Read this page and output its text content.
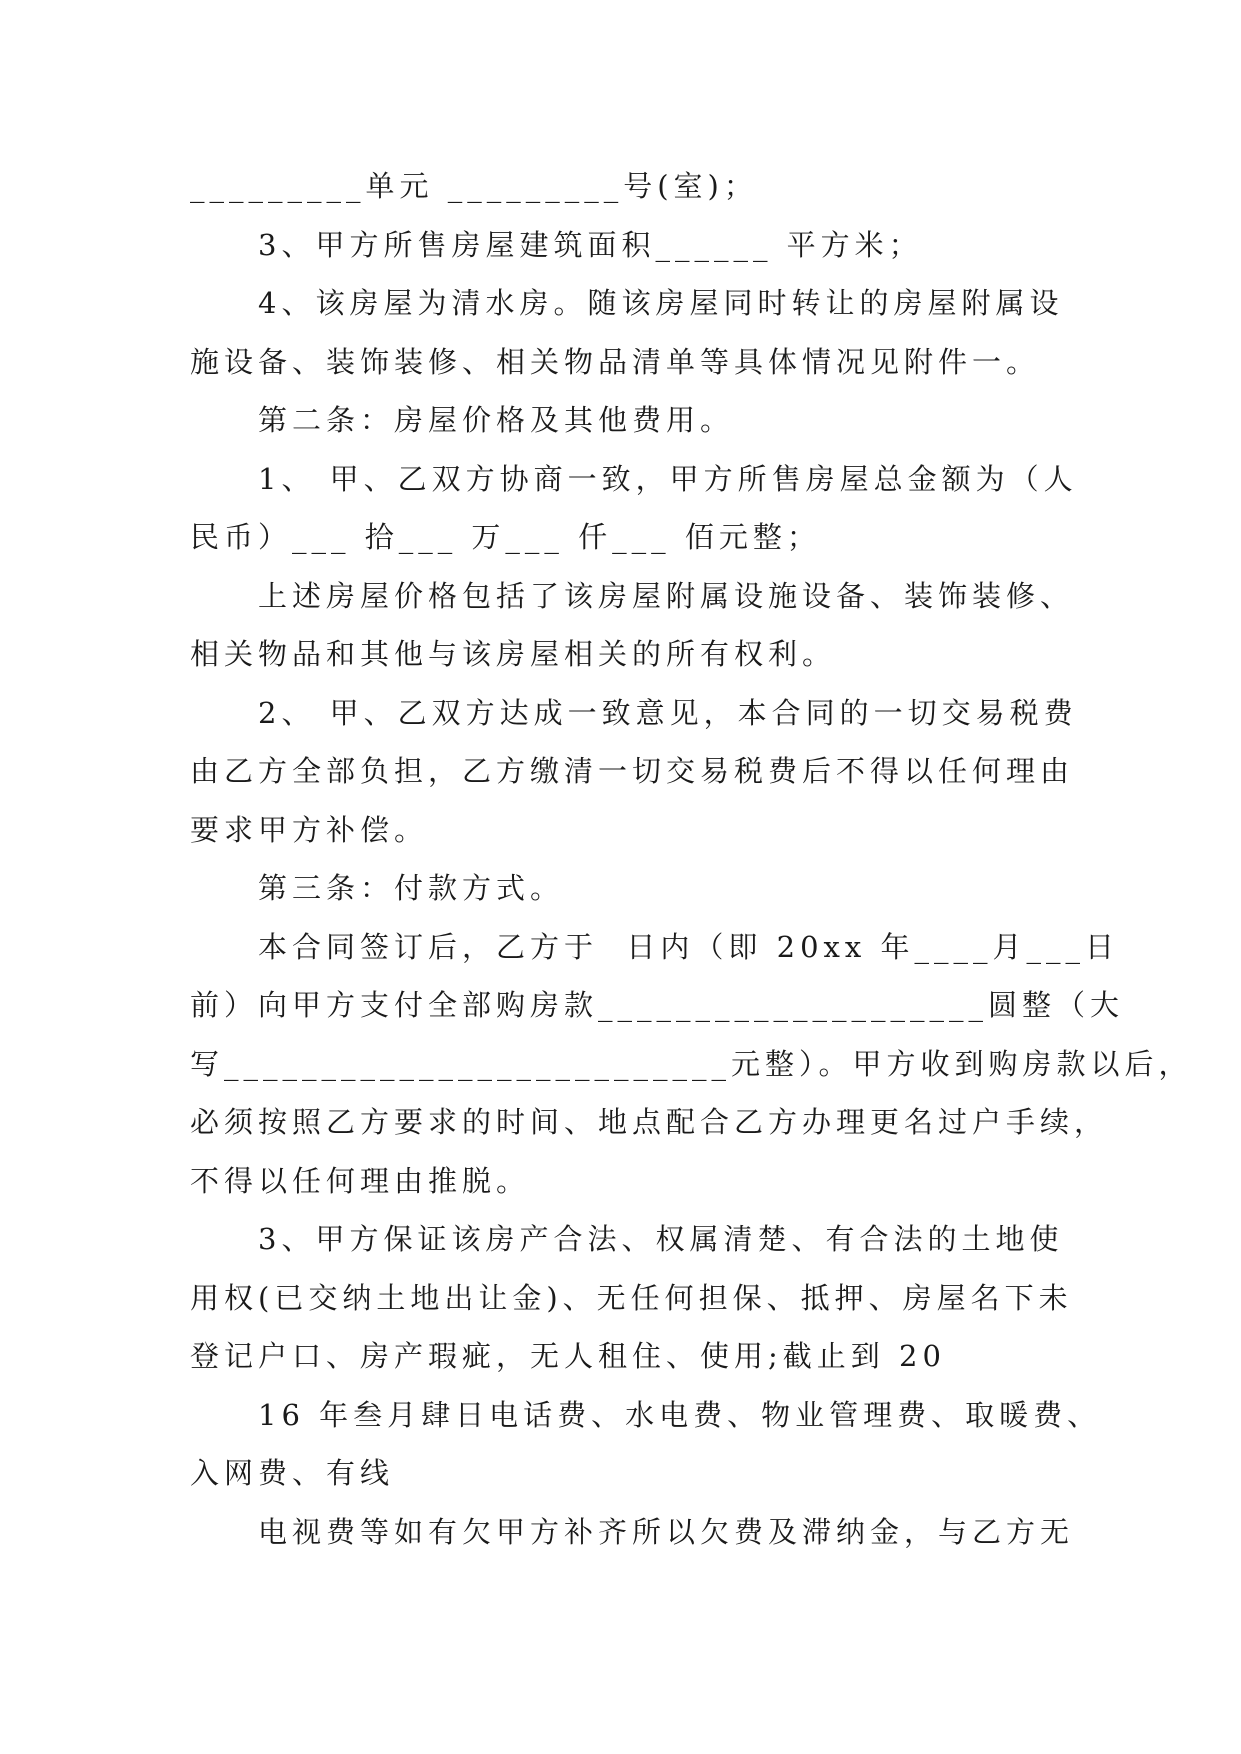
_________单元 _________号(室)；
3、甲方所售房屋建筑面积______ 平方米；
4、该房屋为清水房。随该房屋同时转让的房屋附属设
施设备、装饰装修、相关物品清单等具体情况见附件一。
第二条：房屋价格及其他费用。
1、 甲、乙双方协商一致，甲方所售房屋总金额为（人
民币）___ 拾___ 万___ 仟___ 佰元整；
上述房屋价格包括了该房屋附属设施设备、装饰装修、
相关物品和其他与该房屋相关的所有权利。
2、 甲、乙双方达成一致意见，本合同的一切交易税费
由乙方全部负担，乙方缴清一切交易税费后不得以任何理由
要求甲方补偿。
第三条：付款方式。
本合同签订后，乙方于  日内（即 20xx 年____月___日
前）向甲方支付全部购房款____________________圆整（大
写__________________________元整）。甲方收到购房款以后，
必须按照乙方要求的时间、地点配合乙方办理更名过户手续，
不得以任何理由推脱。
3、甲方保证该房产合法、权属清楚、有合法的土地使
用权(已交纳土地出让金)、无任何担保、抵押、房屋名下未
登记户口、房产瑕疵，无人租住、使用;截止到 20
16 年叁月肆日电话费、水电费、物业管理费、取暖费、
入网费、有线
电视费等如有欠甲方补齐所以欠费及滞纳金，与乙方无
